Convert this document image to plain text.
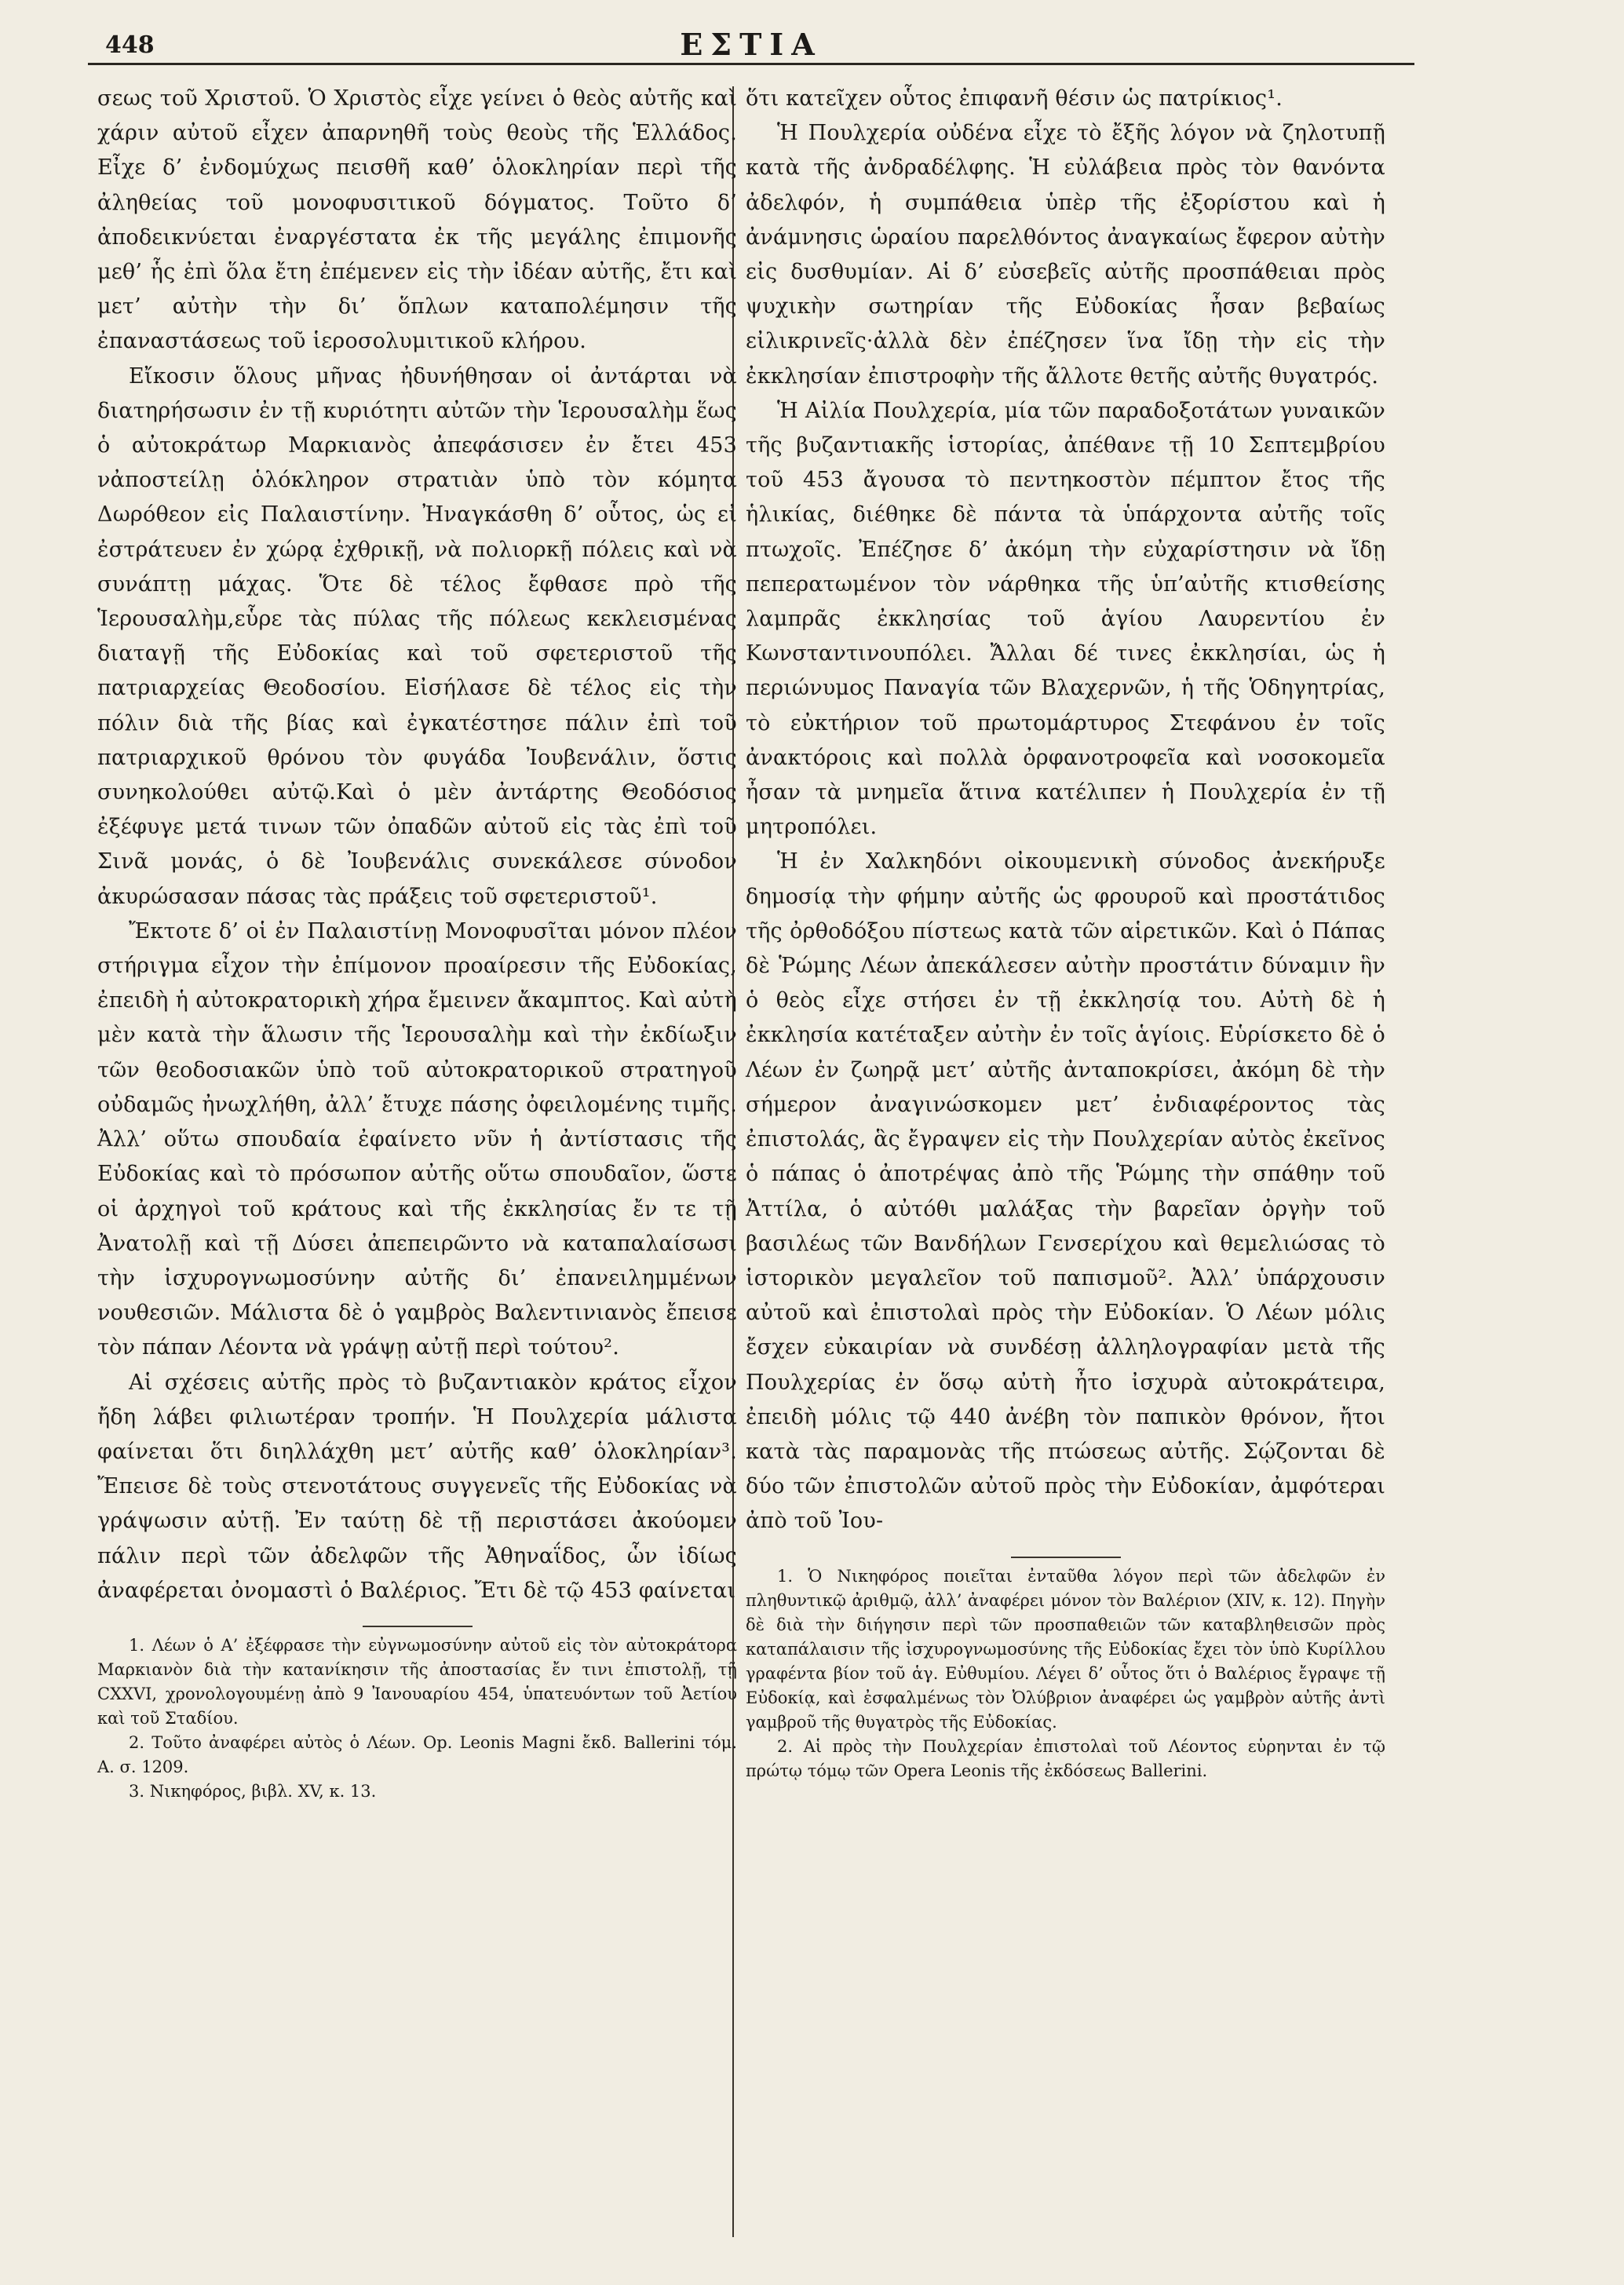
448	ΕΣΤΙΑ

σεως τοῦ Χριστοῦ. Ὁ Χριστὸς εἶχε γείνει ὁ θεὸς αὐτῆς καὶ χάριν αὐτοῦ εἶχεν ἀπαρνηθῆ τοὺς θεοὺς τῆς Ἑλλάδος. Εἶχε δ’ ἐνδομύχως πεισθῆ καθ’ ὁλοκληρίαν περὶ τῆς ἀληθείας τοῦ μονοφυσιτικοῦ δόγματος. Τοῦτο δ’ ἀποδεικνύεται ἐναργέστατα ἐκ τῆς μεγάλης ἐπιμονῆς μεθ’ ἧς ἐπὶ ὅλα ἔτη ἐπέμενεν εἰς τὴν ἰδέαν αὐτῆς, ἔτι καὶ μετ’ αὐτὴν τὴν δι’ ὅπλων καταπολέμησιν τῆς ἐπαναστάσεως τοῦ ἱεροσολυμιτικοῦ κλήρου.

Εἴκοσιν ὅλους μῆνας ἠδυνήθησαν οἱ ἀντάρται νὰ διατηρήσωσιν ἐν τῇ κυριότητι αὐτῶν τὴν Ἱερουσαλὴμ ἕως ὁ αὐτοκράτωρ Μαρκιανὸς ἀπεφάσισεν ἐν ἔτει 453 νἀποστείλῃ ὁλόκληρον στρατιὰν ὑπὸ τὸν κόμητα Δωρόθεον εἰς Παλαιστίνην. Ἠναγκάσθη δ’ οὗτος, ὡς εἰ ἐστράτευεν ἐν χώρᾳ ἐχθρικῇ, νὰ πολιορκῇ πόλεις καὶ νὰ συνάπτῃ μάχας. Ὅτε δὲ τέλος ἔφθασε πρὸ τῆς Ἱερουσαλὴμ,εὗρε τὰς πύλας τῆς πόλεως κεκλεισμένας διαταγῇ τῆς Εὐδοκίας καὶ τοῦ σφετεριστοῦ τῆς πατριαρχείας Θεοδοσίου. Εἰσήλασε δὲ τέλος εἰς τὴν πόλιν διὰ τῆς βίας καὶ ἐγκατέστησε πάλιν ἐπὶ τοῦ πατριαρχικοῦ θρόνου τὸν φυγάδα Ἰουβενάλιν, ὅστις συνηκολούθει αὐτῷ.Καὶ ὁ μὲν ἀντάρτης Θεοδόσιος ἐξέφυγε μετά τινων τῶν ὀπαδῶν αὐτοῦ εἰς τὰς ἐπὶ τοῦ Σινᾶ μονάς, ὁ δὲ Ἰουβενάλις συνεκάλεσε σύνοδον ἀκυρώσασαν πάσας τὰς πράξεις τοῦ σφετεριστοῦ¹.

Ἔκτοτε δ’ οἱ ἐν Παλαιστίνῃ Μονοφυσῖται μόνον πλέον στήριγμα εἶχον τὴν ἐπίμονον προαίρεσιν τῆς Εὐδοκίας, ἐπειδὴ ἡ αὐτοκρατορικὴ χήρα ἔμεινεν ἄκαμπτος. Καὶ αὐτὴ μὲν κατὰ τὴν ἅλωσιν τῆς Ἱερουσαλὴμ καὶ τὴν ἐκδίωξιν τῶν θεοδοσιακῶν ὑπὸ τοῦ αὐτοκρατορικοῦ στρατηγοῦ οὐδαμῶς ἠνωχλήθη, ἀλλ’ ἔτυχε πάσης ὀφειλομένης τιμῆς. Ἀλλ’ οὕτω σπουδαία ἐφαίνετο νῦν ἡ ἀντίστασις τῆς Εὐδοκίας καὶ τὸ πρόσωπον αὐτῆς οὕτω σπουδαῖον, ὥστε οἱ ἀρχηγοὶ τοῦ κράτους καὶ τῆς ἐκκλησίας ἔν τε τῇ Ἀνατολῇ καὶ τῇ Δύσει ἀπεπειρῶντο νὰ καταπαλαίσωσι τὴν ἰσχυρογνωμοσύνην αὐτῆς δι’ ἐπανειλημμένων νουθεσιῶν. Μάλιστα δὲ ὁ γαμβρὸς Βαλεντινιανὸς ἔπεισε τὸν πάπαν Λέοντα νὰ γράψῃ αὐτῇ περὶ τούτου².

Αἱ σχέσεις αὐτῆς πρὸς τὸ βυζαντιακὸν κράτος εἶχον ἤδη λάβει φιλιωτέραν τροπήν. Ἡ Πουλχερία μάλιστα φαίνεται ὅτι διηλλάχθη μετ’ αὐτῆς καθ’ ὁλοκληρίαν³. Ἔπεισε δὲ τοὺς στενοτάτους συγγενεῖς τῆς Εὐδοκίας νὰ γράψωσιν αὐτῇ. Ἐν ταύτῃ δὲ τῇ περιστάσει ἀκούομεν πάλιν περὶ τῶν ἀδελφῶν τῆς Ἀθηναΐδος, ὧν ἰδίως ἀναφέρεται ὀνομαστὶ ὁ Βαλέριος. Ἔτι δὲ τῷ 453 φαίνεται

1. Λέων ὁ Α’ ἐξέφρασε τὴν εὐγνωμοσύνην αὐτοῦ εἰς τὸν αὐτοκράτορα Μαρκιανὸν διὰ τὴν κατανίκησιν τῆς ἀποστασίας ἔν τινι ἐπιστολῇ, τῇ CXXVI, χρονολογουμένῃ ἀπὸ 9 Ἰανουαρίου 454, ὑπατευόντων τοῦ Ἀετίου καὶ τοῦ Σταδίου.

2. Τοῦτο ἀναφέρει αὐτὸς ὁ Λέων. Op. Leonis Magni ἔκδ. Ballerini τόμ. Α. σ. 1209.

3. Νικηφόρος, βιβλ. XV, κ. 13.

ὅτι κατεῖχεν οὗτος ἐπιφανῆ θέσιν ὡς πατρίκιος¹.

Ἡ Πουλχερία οὐδένα εἶχε τὸ ἔξῆς λόγον νὰ ζηλοτυπῇ κατὰ τῆς ἀνδραδέλφης. Ἡ εὐλάβεια πρὸς τὸν θανόντα ἀδελφόν, ἡ συμπάθεια ὑπὲρ τῆς ἐξορίστου καὶ ἡ ἀνάμνησις ὡραίου παρελθόντος ἀναγκαίως ἔφερον αὐτὴν εἰς δυσθυμίαν. Αἱ δ’ εὐσεβεῖς αὐτῆς προσπάθειαι πρὸς ψυχικὴν σωτηρίαν τῆς Εὐδοκίας ἦσαν βεβαίως εἰλικρινεῖς·ἀλλὰ δὲν ἐπέζησεν ἵνα ἴδῃ τὴν εἰς τὴν ἐκκλησίαν ἐπιστροφὴν τῆς ἄλλοτε θετῆς αὐτῆς θυγατρός.

Ἡ Αἰλία Πουλχερία, μία τῶν παραδοξοτάτων γυναικῶν τῆς βυζαντιακῆς ἱστορίας, ἀπέθανε τῇ 10 Σεπτεμβρίου τοῦ 453 ἄγουσα τὸ πεντηκοστὸν πέμπτον ἔτος τῆς ἡλικίας, διέθηκε δὲ πάντα τὰ ὑπάρχοντα αὐτῆς τοῖς πτωχοῖς. Ἐπέζησε δ’ ἀκόμη τὴν εὐχαρίστησιν νὰ ἴδῃ πεπερατωμένον τὸν νάρθηκα τῆς ὑπ’αὐτῆς κτισθείσης λαμπρᾶς ἐκκλησίας τοῦ ἁγίου Λαυρεντίου ἐν Κωνσταντινουπόλει. Ἄλλαι δέ τινες ἐκκλησίαι, ὡς ἡ περιώνυμος Παναγία τῶν Βλαχερνῶν, ἡ τῆς Ὁδηγητρίας, τὸ εὐκτήριον τοῦ πρωτομάρτυρος Στεφάνου ἐν τοῖς ἀνακτόροις καὶ πολλὰ ὀρφανοτροφεῖα καὶ νοσοκομεῖα ἦσαν τὰ μνημεῖα ἅτινα κατέλιπεν ἡ Πουλχερία ἐν τῇ μητροπόλει.

Ἡ ἐν Χαλκηδόνι οἰκουμενικὴ σύνοδος ἀνεκήρυξε δημοσίᾳ τὴν φήμην αὐτῆς ὡς φρουροῦ καὶ προστάτιδος τῆς ὀρθοδόξου πίστεως κατὰ τῶν αἱρετικῶν. Καὶ ὁ Πάπας δὲ Ῥώμης Λέων ἀπεκάλεσεν αὐτὴν προστάτιν δύναμιν ἣν ὁ θεὸς εἶχε στήσει ἐν τῇ ἐκκλησίᾳ του. Αὐτὴ δὲ ἡ ἐκκλησία κατέταξεν αὐτὴν ἐν τοῖς ἁγίοις. Εὑρίσκετο δὲ ὁ Λέων ἐν ζωηρᾷ μετ’ αὐτῆς ἀνταποκρίσει, ἀκόμη δὲ τὴν σήμερον ἀναγινώσκομεν μετ’ ἐνδιαφέροντος τὰς ἐπιστολάς, ἃς ἔγραψεν εἰς τὴν Πουλχερίαν αὐτὸς ἐκεῖνος ὁ πάπας ὁ ἀποτρέψας ἀπὸ τῆς Ῥώμης τὴν σπάθην τοῦ Ἀττίλα, ὁ αὐτόθι μαλάξας τὴν βαρεῖαν ὀργὴν τοῦ βασιλέως τῶν Βανδήλων Γενσερίχου καὶ θεμελιώσας τὸ ἱστορικὸν μεγαλεῖον τοῦ παπισμοῦ². Ἀλλ’ ὑπάρχουσιν αὐτοῦ καὶ ἐπιστολαὶ πρὸς τὴν Εὐδοκίαν. Ὁ Λέων μόλις ἔσχεν εὐκαιρίαν νὰ συνδέσῃ ἀλληλογραφίαν μετὰ τῆς Πουλχερίας ἐν ὅσῳ αὐτὴ ἦτο ἰσχυρὰ αὐτοκράτειρα, ἐπειδὴ μόλις τῷ 440 ἀνέβη τὸν παπικὸν θρόνον, ἤτοι κατὰ τὰς παραμονὰς τῆς πτώσεως αὐτῆς. Σῴζονται δὲ δύο τῶν ἐπιστολῶν αὐτοῦ πρὸς τὴν Εὐδοκίαν, ἀμφότεραι ἀπὸ τοῦ Ἰου-

1. Ὁ Νικηφόρος ποιεῖται ἐνταῦθα λόγον περὶ τῶν ἀδελφῶν ἐν πληθυντικῷ ἀριθμῷ, ἀλλ’ ἀναφέρει μόνον τὸν Βαλέριον (XIV, κ. 12). Πηγὴν δὲ διὰ τὴν διήγησιν περὶ τῶν προσπαθειῶν τῶν καταβληθεισῶν πρὸς καταπάλαισιν τῆς ἰσχυρογνωμοσύνης τῆς Εὐδοκίας ἔχει τὸν ὑπὸ Κυρίλλου γραφέντα βίον τοῦ ἁγ. Εὐθυμίου. Λέγει δ’ οὗτος ὅτι ὁ Βαλέριος ἔγραψε τῇ Εὐδοκίᾳ, καὶ ἐσφαλμένως τὸν Ὀλύβριον ἀναφέρει ὡς γαμβρὸν αὐτῆς ἀντὶ γαμβροῦ τῆς θυγατρὸς τῆς Εὐδοκίας.

2. Αἱ πρὸς τὴν Πουλχερίαν ἐπιστολαὶ τοῦ Λέοντος εὑρηνται ἐν τῷ πρώτῳ τόμῳ τῶν Opera Leonis τῆς ἐκδόσεως Ballerini.
